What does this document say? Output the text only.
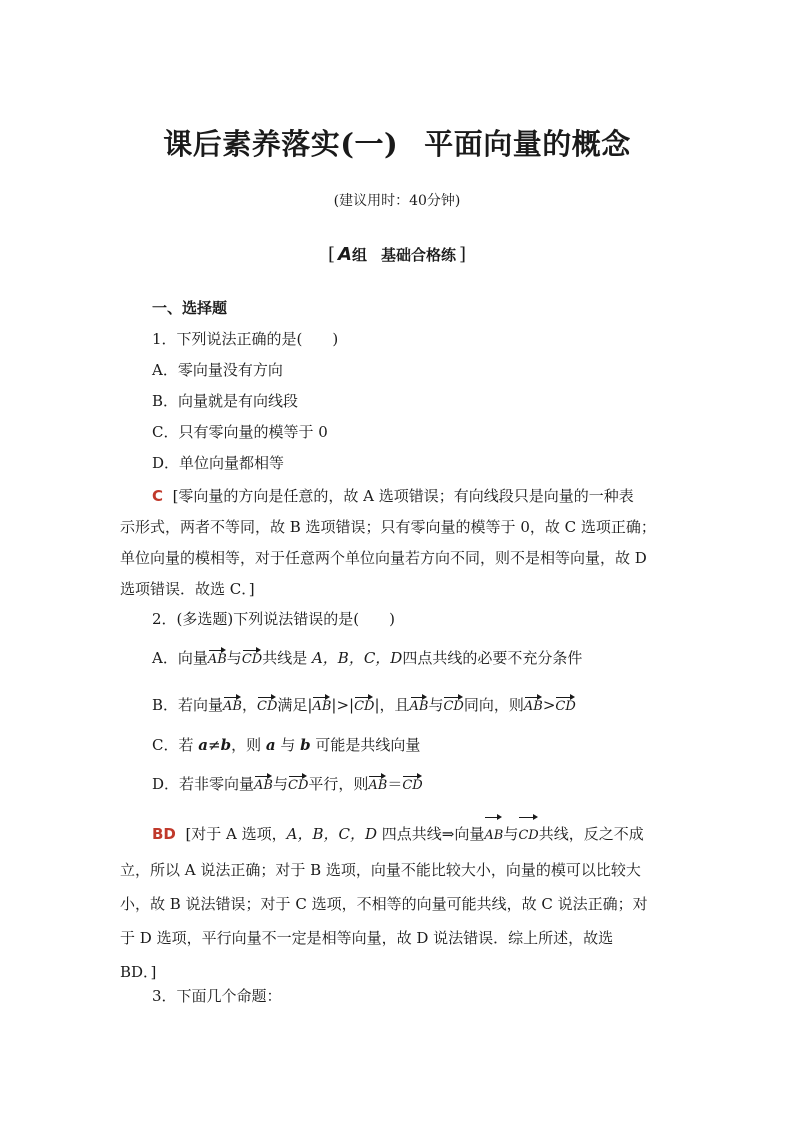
课后素养落实(一) 平面向量的概念
(建议用时：40分钟)
[ A组 基础合格练 ]
一、选择题
1．下列说法正确的是(　　)
A．零向量没有方向
B．向量就是有向线段
C．只有零向量的模等于 0
D．单位向量都相等
C [零向量的方向是任意的，故 A 选项错误；有向线段只是向量的一种表
示形式，两者不等同，故 B 选项错误；只有零向量的模等于 0，故 C 选项正确；
单位向量的模相等，对于任意两个单位向量若方向不同，则不是相等向量，故 D
选项错误．故选 C．]
2．(多选题)下列说法错误的是(　　)
A．向量AB与CD共线是 A，B，C，D四点共线的必要不充分条件
B．若向量AB，CD满足|AB|>|CD|，且AB与CD同向，则AB>CD
C．若 a≠b，则 a 与 b 可能是共线向量
D．若非零向量AB与CD平行，则AB＝CD
BD [对于 A 选项，A，B，C，D 四点共线⇒向量AB与CD共线，反之不成
立，所以 A 说法正确；对于 B 选项，向量不能比较大小，向量的模可以比较大
小，故 B 说法错误；对于 C 选项，不相等的向量可能共线，故 C 说法正确；对
于 D 选项，平行向量不一定是相等向量，故 D 说法错误．综上所述，故选
BD．]
3．下面几个命题：
